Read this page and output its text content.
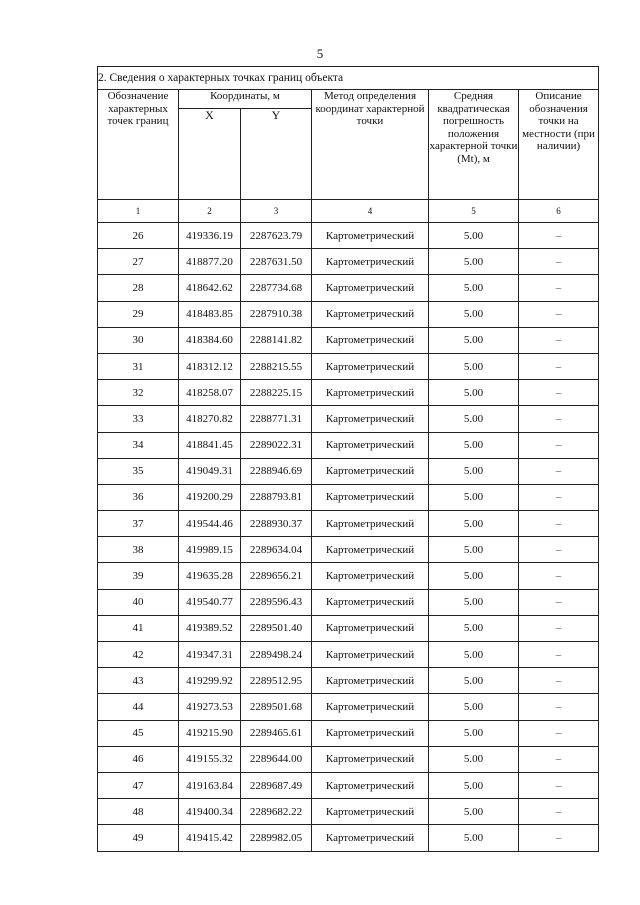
5
2. Сведения о характерных точках границ объекта					
Обозначение характерных точек границ	Координаты, м		Метод определения координат характерной точки	Средняя квадратическая погрешность положения характерной точки (Mt), м	Описание обозначения точки на местности (при наличии)
	X	Y			
1	2	3	4	5	6
26	419336.19	2287623.79	Картометрический	5.00	–
27	418877.20	2287631.50	Картометрический	5.00	–
28	418642.62	2287734.68	Картометрический	5.00	–
29	418483.85	2287910.38	Картометрический	5.00	–
30	418384.60	2288141.82	Картометрический	5.00	–
31	418312.12	2288215.55	Картометрический	5.00	–
32	418258.07	2288225.15	Картометрический	5.00	–
33	418270.82	2288771.31	Картометрический	5.00	–
34	418841.45	2289022.31	Картометрический	5.00	–
35	419049.31	2288946.69	Картометрический	5.00	–
36	419200.29	2288793.81	Картометрический	5.00	–
37	419544.46	2288930.37	Картометрический	5.00	–
38	419989.15	2289634.04	Картометрический	5.00	–
39	419635.28	2289656.21	Картометрический	5.00	–
40	419540.77	2289596.43	Картометрический	5.00	–
41	419389.52	2289501.40	Картометрический	5.00	–
42	419347.31	2289498.24	Картометрический	5.00	–
43	419299.92	2289512.95	Картометрический	5.00	–
44	419273.53	2289501.68	Картометрический	5.00	–
45	419215.90	2289465.61	Картометрический	5.00	–
46	419155.32	2289644.00	Картометрический	5.00	–
47	419163.84	2289687.49	Картометрический	5.00	–
48	419400.34	2289682.22	Картометрический	5.00	–
49	419415.42	2289982.05	Картометрический	5.00	–
